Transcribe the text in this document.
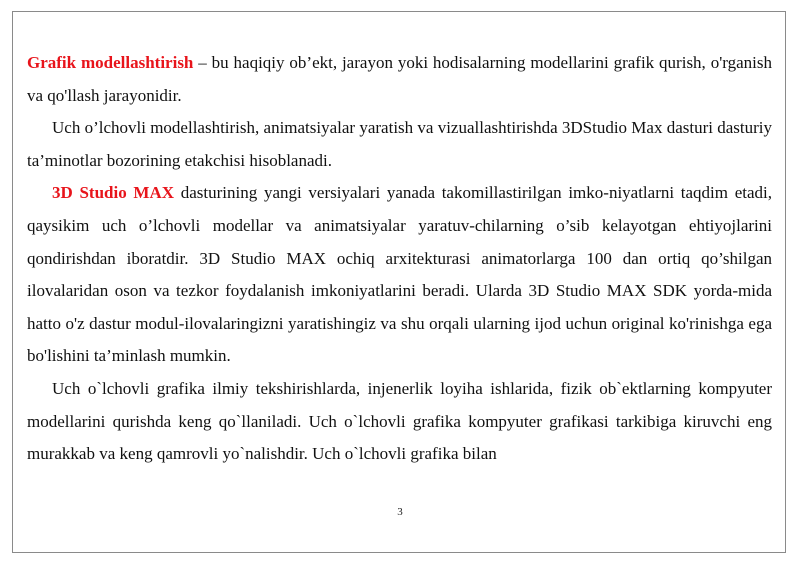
Grafik modellashtirish – bu haqiqiy ob’ekt, jarayon yoki hodisalarning modellarini grafik qurish, o'rganish va qo'llash jarayonidir.

Uch o’lchovli modellashtirish, animatsiyalar yaratish va vizuallashtirishda 3DStudio Max dasturi dasturiy ta’minotlar bozorining etakchisi hisoblanadi.

3D Studio MAX dasturining yangi versiyalari yanada takomillastirilgan imko-niyatlarni taqdim etadi, qaysikim uch o’lchovli modellar va animatsiyalar yaratuv-chilarning o’sib kelayotgan ehtiyojlarini qondirishdan iboratdir. 3D Studio MAX ochiq arxitekturasi animatorlarga 100 dan ortiq qo’shilgan ilovalaridan oson va tezkor foydalanish imkoniyatlarini beradi. Ularda 3D Studio MAX SDK yorda-mida hatto o'z dastur modul-ilovalaringizni yaratishingiz va shu orqali ularning ijod uchun original ko'rinishga ega bo'lishini ta’minlash mumkin.

Uch o`lchovli grafika ilmiy tekshirishlarda, injenerlik loyiha ishlarida, fizik ob`ektlarning kompyuter modellarini qurishda keng qo`llaniladi. Uch o`lchovli grafika kompyuter grafikasi tarkibiga kiruvchi eng murakkab va keng qamrovli yo`nalishdir. Uch o`lchovli grafika bilan

3
